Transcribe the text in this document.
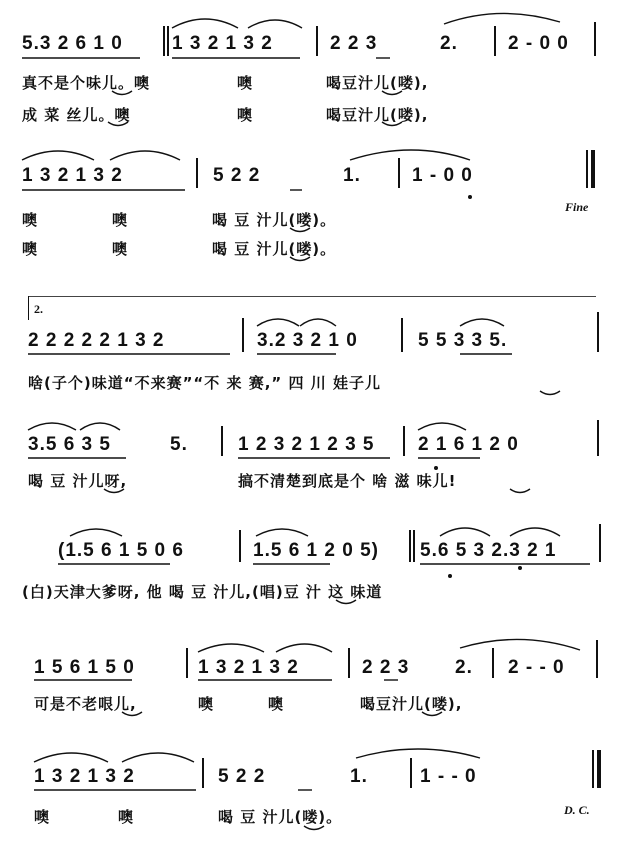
5.3 2 6 1 0	1 3 2 1 3 2	2 2 3	2.	2 - 0 0
真不是个味儿。噢	噢	喝豆汁儿(喽),
成 菜 丝儿。噢	噢	喝豆汁儿(喽),
1 3 2 1 3 2	5 2 2	1.	1 - 0 0
Fine
噢	噢	喝 豆 汁儿(喽)。
噢	噢	喝 豆 汁儿(喽)。
2.
2 2 2 2 2 1 3 2	3.2 3 2 1 0	5 5 3 3 5.
啥(子个)味道“不来赛”“不 来 赛,” 四 川 娃子儿
3.5 6 3 5	5.	1 2 3 2 1 2 3 5 2 1 6 1 2 0
喝 豆 汁儿呀,	搞不清楚到底是个 啥 滋 味儿!
(1.5 6 1 5 0 6	1.5 6 1 2 0 5) 5.6 5 3 2.3 2 1
(白)天津大爹呀, 他 喝 豆 汁儿,(唱)豆 汁 这 味道
1 5 6 1 5 0	1 3 2 1 3 2	2 2 3 2. 2 - - 0
可是不老哏儿,	噢	噢	喝豆汁儿(喽),
1 3 2 1 3 2	5 2 2	1.	1 - - 0
噢	噢	喝 豆 汁儿(喽)。	D. C.
